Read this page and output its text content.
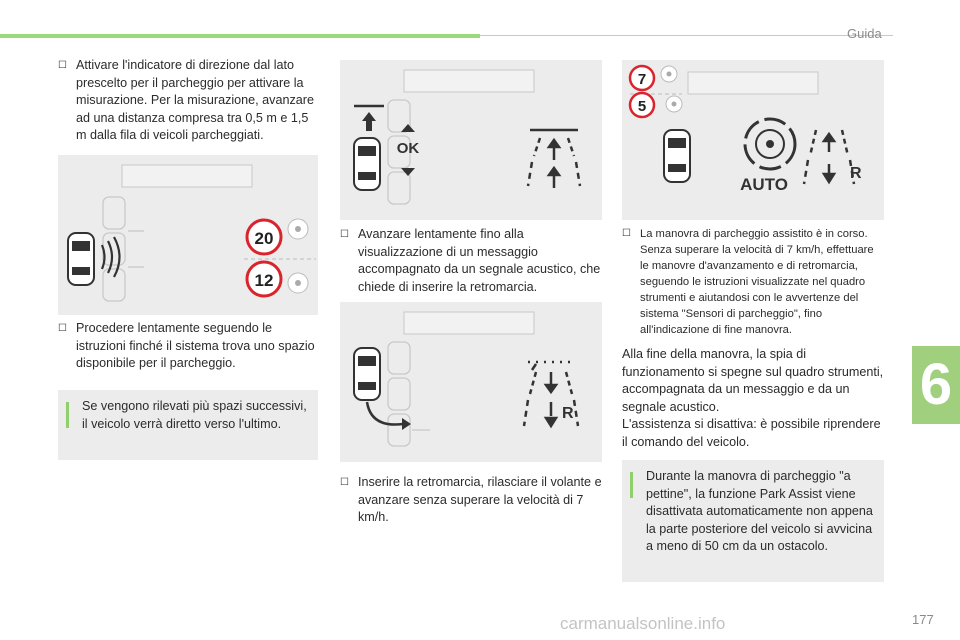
Guida
6
177
☐ Attivare l'indicatore di direzione dal lato prescelto per il parcheggio per attivare la misurazione. Per la misurazione, avanzare ad una distanza compresa tra 0,5 m e 1,5 m dalla fila di veicoli parcheggiati.
20
12
☐ Procedere lentamente seguendo le istruzioni finché il sistema trova uno spazio disponibile per il parcheggio.
Se vengono rilevati più spazi successivi, il veicolo verrà diretto verso l'ultimo.
OK
☐ Avanzare lentamente fino alla visualizzazione di un messaggio accompagnato da un segnale acustico, che chiede di inserire la retromarcia.
R
☐ Inserire la retromarcia, rilasciare il volante e avanzare senza superare la velocità di 7 km/h.
7
5
AUTO
R
☐ La manovra di parcheggio assistito è in corso. Senza superare la velocità di 7 km/h, effettuare le manovre d'avanzamento e di retromarcia, seguendo le istruzioni visualizzate nel quadro strumenti e aiutandosi con le avvertenze del sistema "Sensori di parcheggio", fino all'indicazione di fine manovra.
Alla fine della manovra, la spia di funzionamento si spegne sul quadro strumenti, accompagnata da un messaggio e da un segnale acustico.
L'assistenza si disattiva: è possibile riprendere il comando del veicolo.
Durante la manovra di parcheggio "a pettine", la funzione Park Assist viene disattivata automaticamente non appena la parte posteriore del veicolo si avvicina a meno di 50 cm da un ostacolo.
carmanualsonline.info
